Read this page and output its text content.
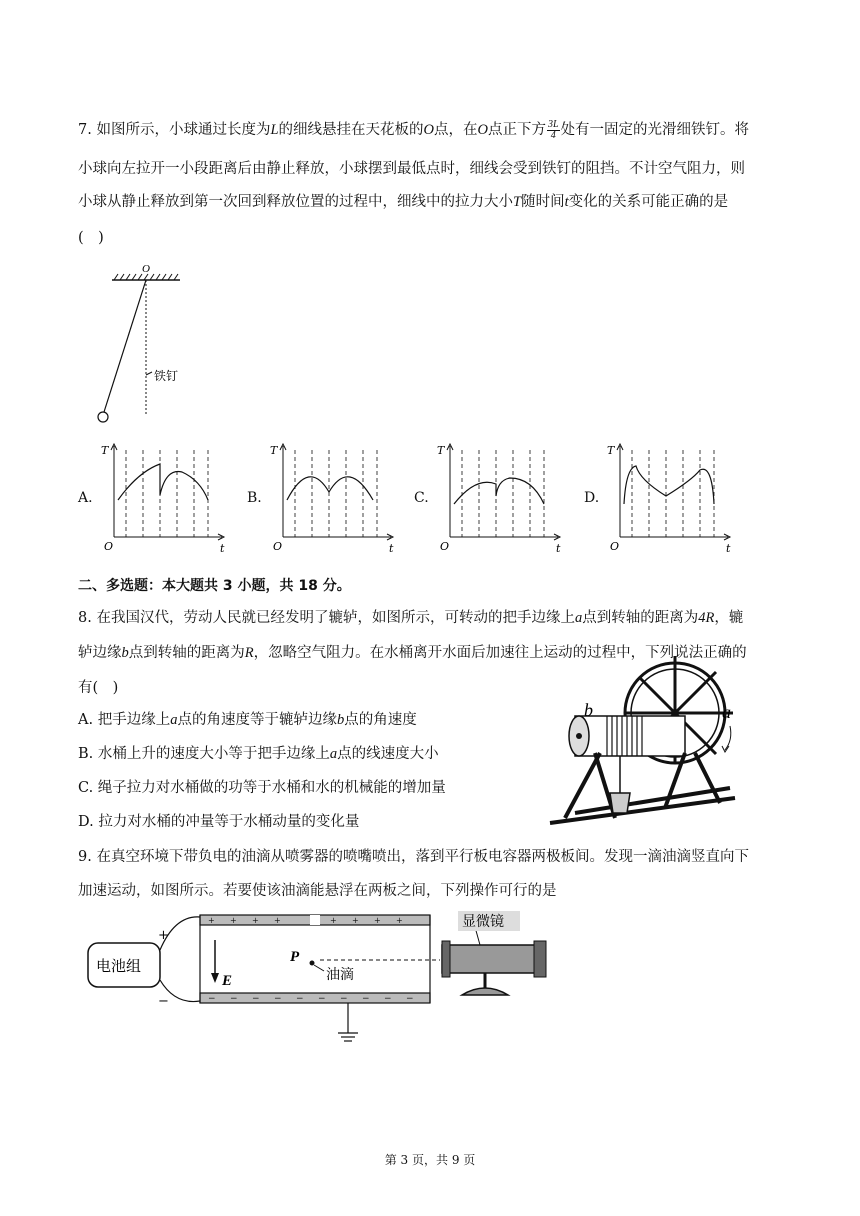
7. 如图所示，小球通过长度为L的细线悬挂在天花板的O点，在O点正下方 $\frac{3L}{4}$ 处有一固定的光滑细铁钉。将
小球向左拉开一小段距离后由静止释放，小球摆到最低点时，细线会受到铁钉的阻挡。不计空气阻力，则
小球从静止释放到第一次回到释放位置的过程中，细线中的拉力大小T随时间t变化的关系可能正确的是
(　)
O
铁钉
A.
T
t
O
B.
T
t
O
C.
T
t
O
D.
T
t
O
二、多选题：本大题共 3 小题，共 18 分。
8. 在我国汉代，劳动人民就已经发明了辘轳，如图所示，可转动的把手边缘上a点到转轴的距离为4R，辘
轳边缘b点到转轴的距离为R，忽略空气阻力。在水桶离开水面后加速往上运动的过程中，下列说法正确的
有(　)
A. 把手边缘上a点的角速度等于辘轳边缘b点的角速度
B. 水桶上升的速度大小等于把手边缘上a点的线速度大小
C. 绳子拉力对水桶做的功等于水桶和水的机械能的增加量
D. 拉力对水桶的冲量等于水桶动量的变化量
b	a
9. 在真空环境下带负电的油滴从喷雾器的喷嘴喷出，落到平行板电容器两极板间。发现一滴油滴竖直向下
加速运动，如图所示。若要使该油滴能悬浮在两板之间，下列操作可行的是
电池组
+
−
+ + + +	+ + + +
− − − − − − − − − −
E
P
油滴
显微镜
第 3 页，共 9 页
